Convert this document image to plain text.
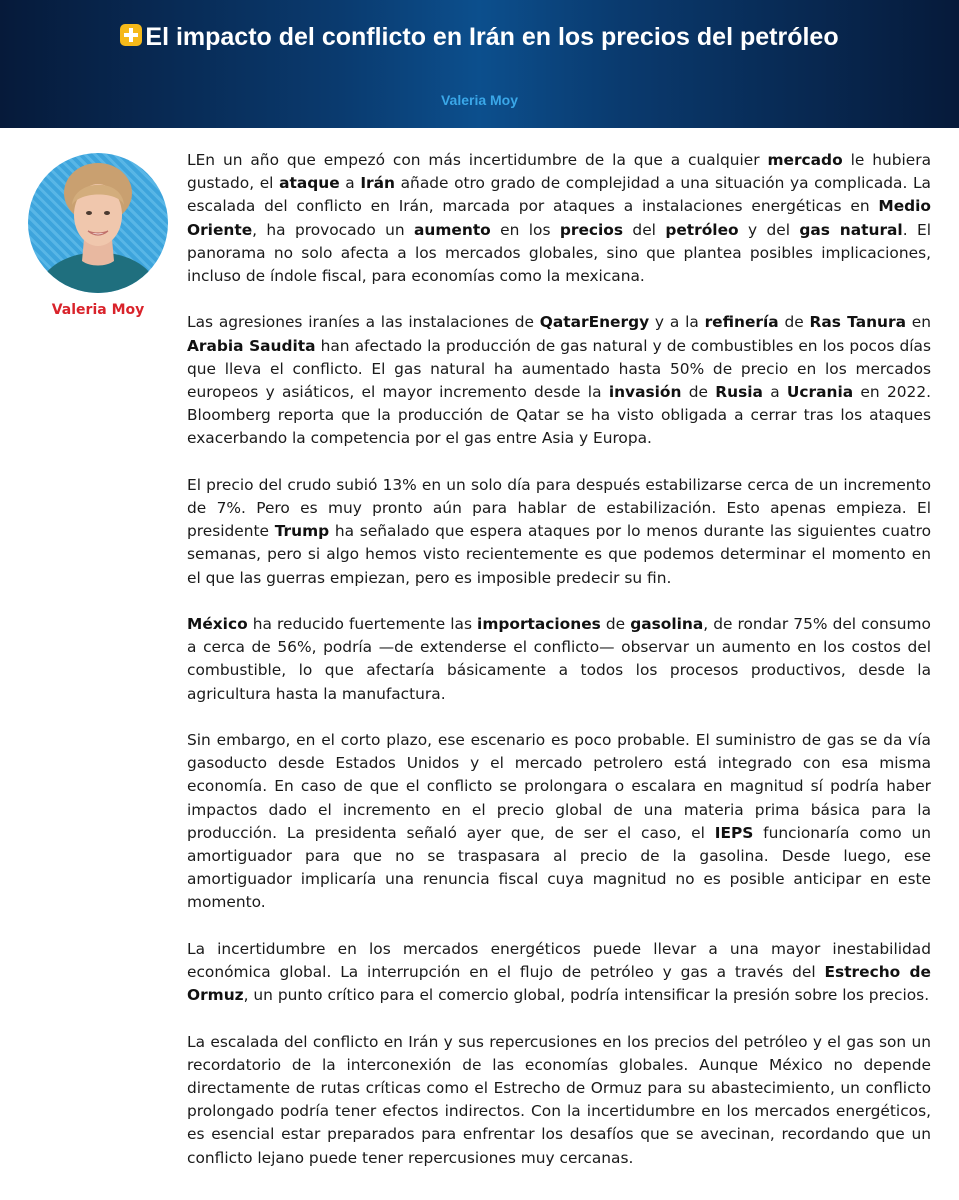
El impacto del conflicto en Irán en los precios del petróleo
Valeria Moy
Valeria Moy

LEn un año que empezó con más incertidumbre de la que a cualquier mercado le hubiera gustado, el ataque a Irán añade otro grado de complejidad a una situación ya complicada. La escalada del conflicto en Irán, marcada por ataques a instalaciones energéticas en Medio Oriente, ha provocado un aumento en los precios del petróleo y del gas natural. El panorama no solo afecta a los mercados globales, sino que plantea posibles implicaciones, incluso de índole fiscal, para economías como la mexicana.

Las agresiones iraníes a las instalaciones de QatarEnergy y a la refinería de Ras Tanura en Arabia Saudita han afectado la producción de gas natural y de combustibles en los pocos días que lleva el conflicto. El gas natural ha aumentado hasta 50% de precio en los mercados europeos y asiáticos, el mayor incremento desde la invasión de Rusia a Ucrania en 2022. Bloomberg reporta que la producción de Qatar se ha visto obligada a cerrar tras los ataques exacerbando la competencia por el gas entre Asia y Europa.

El precio del crudo subió 13% en un solo día para después estabilizarse cerca de un incremento de 7%. Pero es muy pronto aún para hablar de estabilización. Esto apenas empieza. El presidente Trump ha señalado que espera ataques por lo menos durante las siguientes cuatro semanas, pero si algo hemos visto recientemente es que podemos determinar el momento en el que las guerras empiezan, pero es imposible predecir su fin.

México ha reducido fuertemente las importaciones de gasolina, de rondar 75% del consumo a cerca de 56%, podría —de extenderse el conflicto— observar un aumento en los costos del combustible, lo que afectaría básicamente a todos los procesos productivos, desde la agricultura hasta la manufactura.

Sin embargo, en el corto plazo, ese escenario es poco probable. El suministro de gas se da vía gasoducto desde Estados Unidos y el mercado petrolero está integrado con esa misma economía. En caso de que el conflicto se prolongara o escalara en magnitud sí podría haber impactos dado el incremento en el precio global de una materia prima básica para la producción. La presidenta señaló ayer que, de ser el caso, el IEPS funcionaría como un amortiguador para que no se traspasara al precio de la gasolina. Desde luego, ese amortiguador implicaría una renuncia fiscal cuya magnitud no es posible anticipar en este momento.

La incertidumbre en los mercados energéticos puede llevar a una mayor inestabilidad económica global. La interrupción en el flujo de petróleo y gas a través del Estrecho de Ormuz, un punto crítico para el comercio global, podría intensificar la presión sobre los precios.

La escalada del conflicto en Irán y sus repercusiones en los precios del petróleo y el gas son un recordatorio de la interconexión de las economías globales. Aunque México no depende directamente de rutas críticas como el Estrecho de Ormuz para su abastecimiento, un conflicto prolongado podría tener efectos indirectos. Con la incertidumbre en los mercados energéticos, es esencial estar preparados para enfrentar los desafíos que se avecinan, recordando que un conflicto lejano puede tener repercusiones muy cercanas.
